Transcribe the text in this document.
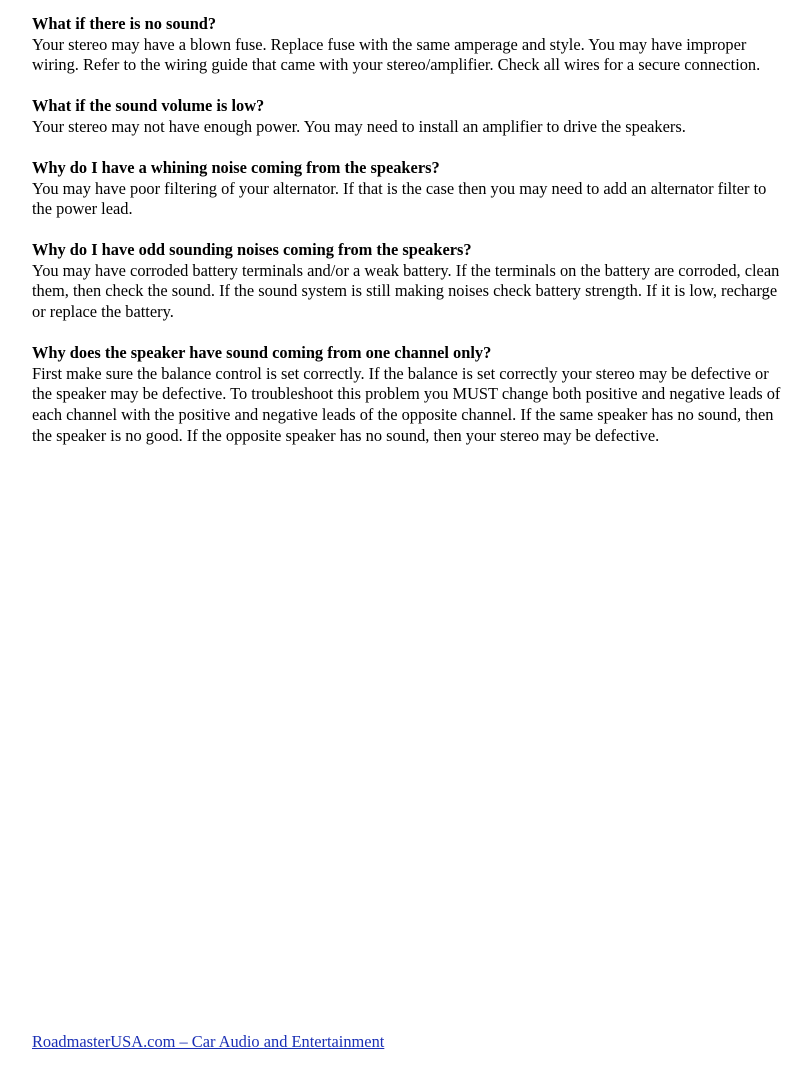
What if there is no sound?

Your stereo may have a blown fuse. Replace fuse with the same amperage and style. You may have improper wiring. Refer to the wiring guide that came with your stereo/amplifier. Check all wires for a secure connection.

What if the sound volume is low?

Your stereo may not have enough power. You may need to install an amplifier to drive the speakers.

Why do I have a whining noise coming from the speakers?

You may have poor filtering of your alternator. If that is the case then you may need to add an alternator filter to the power lead.

Why do I have odd sounding noises coming from the speakers?

You may have corroded battery terminals and/or a weak battery. If the terminals on the battery are corroded, clean them, then check the sound. If the sound system is still making noises check battery strength. If it is low, recharge or replace the battery.

Why does the speaker have sound coming from one channel only?

First make sure the balance control is set correctly. If the balance is set correctly your stereo may be defective or the speaker may be defective. To troubleshoot this problem you MUST change both positive and negative leads of each channel with the positive and negative leads of the opposite channel. If the same speaker has no sound, then the speaker is no good. If the opposite speaker has no sound, then your stereo may be defective.

RoadmasterUSA.com – Car Audio and Entertainment
